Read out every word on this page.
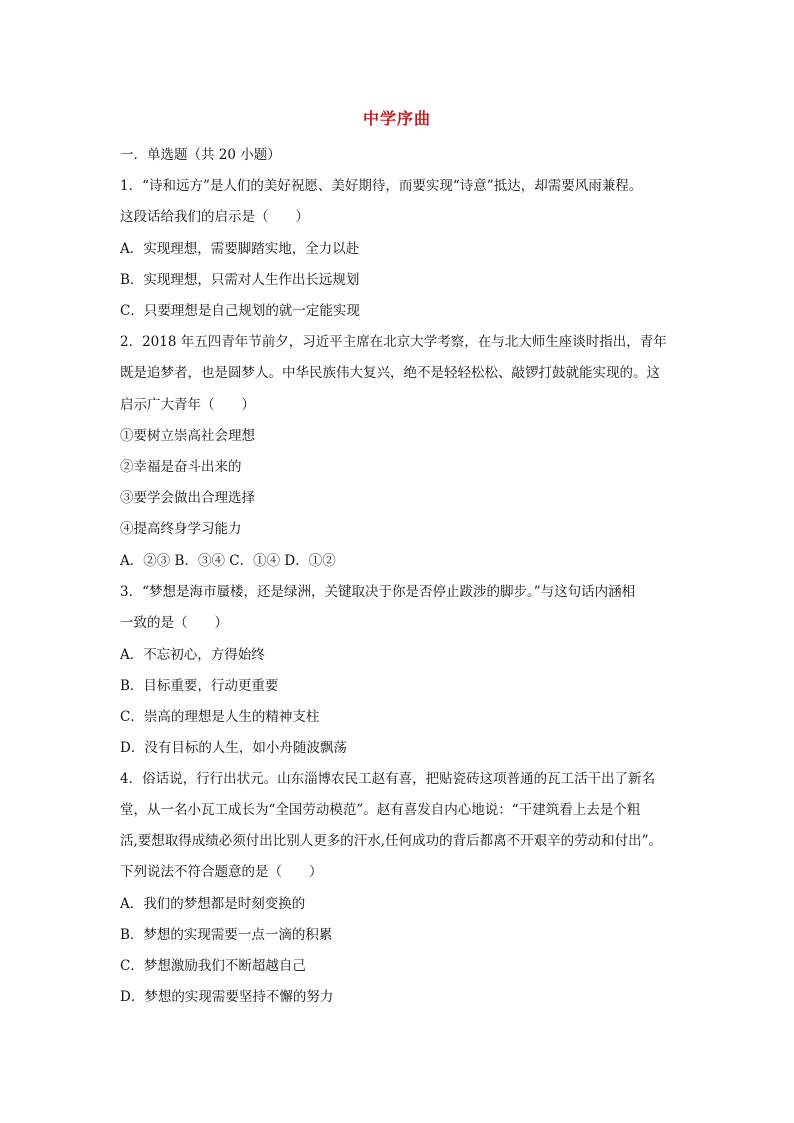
中学序曲
一．单选题（共 20 小题）
1．“诗和远方”是人们的美好祝愿、美好期待，而要实现“诗意”抵达，却需要风雨兼程。
这段话给我们的启示是（　　）
A．实现理想，需要脚踏实地，全力以赴
B．实现理想，只需对人生作出长远规划
C．只要理想是自己规划的就一定能实现
2．2018 年五四青年节前夕，习近平主席在北京大学考察，在与北大师生座谈时指出，青年
既是追梦者，也是圆梦人。中华民族伟大复兴，绝不是轻轻松松、敲锣打鼓就能实现的。这
启示广大青年（　　）
①要树立崇高社会理想
②幸福是奋斗出来的
③要学会做出合理选择
④提高终身学习能力
A．②③ B．③④ C．①④ D．①②
3．“梦想是海市蜃楼，还是绿洲，关键取决于你是否停止跋涉的脚步。”与这句话内涵相
一致的是（　　）
A．不忘初心，方得始终
B．目标重要，行动更重要
C．崇高的理想是人生的精神支柱
D．没有目标的人生，如小舟随波飘荡
4．俗话说，行行出状元。山东淄博农民工赵有喜，把贴瓷砖这项普通的瓦工活干出了新名
堂，从一名小瓦工成长为“全国劳动模范”。赵有喜发自内心地说：“干建筑看上去是个粗
活,要想取得成绩必须付出比别人更多的汗水,任何成功的背后都离不开艰辛的劳动和付出”。
下列说法不符合题意的是（　　）
A．我们的梦想都是时刻变换的
B．梦想的实现需要一点一滴的积累
C．梦想激励我们不断超越自己
D．梦想的实现需要坚持不懈的努力
